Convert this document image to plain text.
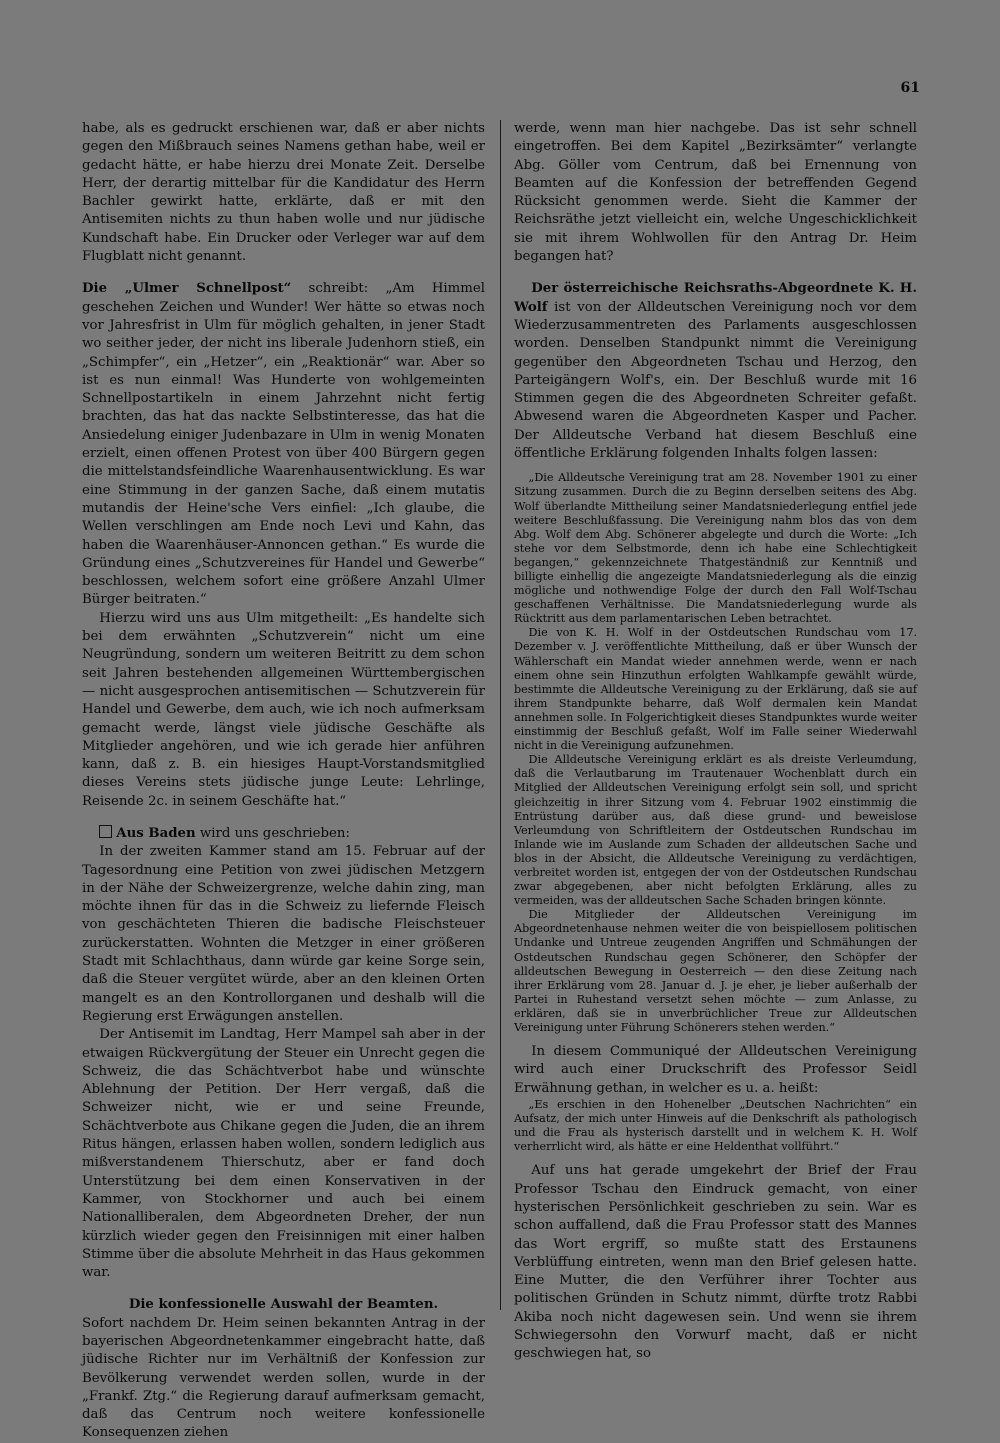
61

habe, als es gedruckt erschienen war, daß er aber nichts gegen den Mißbrauch seines Namens gethan habe, weil er gedacht hätte, er habe hierzu drei Monate Zeit. Derselbe Herr, der derartig mittelbar für die Kandidatur des Herrn Bachler gewirkt hatte, erklärte, daß er mit den Antisemiten nichts zu thun haben wolle und nur jüdische Kundschaft habe. Ein Drucker oder Verleger war auf dem Flugblatt nicht genannt.

Die „Ulmer Schnellpost“ schreibt: „Am Himmel geschehen Zeichen und Wunder! Wer hätte so etwas noch vor Jahresfrist in Ulm für möglich gehalten, in jener Stadt wo seither jeder, der nicht ins liberale Judenhorn stieß, ein „Schimpfer“, ein „Hetzer“, ein „Reaktionär“ war. Aber so ist es nun einmal! Was Hunderte von wohlgemeinten Schnellpostartikeln in einem Jahrzehnt nicht fertig brachten, das hat das nackte Selbstinteresse, das hat die Ansiedelung einiger Judenbazare in Ulm in wenig Monaten erzielt, einen offenen Protest von über 400 Bürgern gegen die mittelstandsfeindliche Waarenhausentwicklung. Es war eine Stimmung in der ganzen Sache, daß einem mutatis mutandis der Heine'sche Vers einfiel: „Ich glaube, die Wellen verschlingen am Ende noch Levi und Kahn, das haben die Waarenhäuser-Annoncen gethan.“ Es wurde die Gründung eines „Schutzvereines für Handel und Gewerbe“ beschlossen, welchem sofort eine größere Anzahl Ulmer Bürger beitraten.“

Hierzu wird uns aus Ulm mitgetheilt: „Es handelte sich bei dem erwähnten „Schutzverein“ nicht um eine Neugründung, sondern um weiteren Beitritt zu dem schon seit Jahren bestehenden allgemeinen Württembergischen — nicht ausgesprochen antisemitischen — Schutzverein für Handel und Gewerbe, dem auch, wie ich noch aufmerksam gemacht werde, längst viele jüdische Geschäfte als Mitglieder angehören, und wie ich gerade hier anführen kann, daß z. B. ein hiesiges Haupt-Vorstandsmitglied dieses Vereins stets jüdische junge Leute: Lehrlinge, Reisende 2c. in seinem Geschäfte hat.“

Aus Baden wird uns geschrieben:

In der zweiten Kammer stand am 15. Februar auf der Tagesordnung eine Petition von zwei jüdischen Metzgern in der Nähe der Schweizergrenze, welche dahin zing, man möchte ihnen für das in die Schweiz zu liefernde Fleisch von geschächteten Thieren die badische Fleischsteuer zurückerstatten. Wohnten die Metzger in einer größeren Stadt mit Schlachthaus, dann würde gar keine Sorge sein, daß die Steuer vergütet würde, aber an den kleinen Orten mangelt es an den Kontrollorganen und deshalb will die Regierung erst Erwägungen anstellen.

Der Antisemit im Landtag, Herr Mampel sah aber in der etwaigen Rückvergütung der Steuer ein Unrecht gegen die Schweiz, die das Schächtverbot habe und wünschte Ablehnung der Petition. Der Herr vergaß, daß die Schweizer nicht, wie er und seine Freunde, Schächtverbote aus Chikane gegen die Juden, die an ihrem Ritus hängen, erlassen haben wollen, sondern lediglich aus mißverstandenem Thierschutz, aber er fand doch Unterstützung bei dem einen Konservativen in der Kammer, von Stockhorner und auch bei einem Nationalliberalen, dem Abgeordneten Dreher, der nun kürzlich wieder gegen den Freisinnigen mit einer halben Stimme über die absolute Mehrheit in das Haus gekommen war.

Die konfessionelle Auswahl der Beamten.

Sofort nachdem Dr. Heim seinen bekannten Antrag in der bayerischen Abgeordnetenkammer eingebracht hatte, daß jüdische Richter nur im Verhältniß der Konfession zur Bevölkerung verwendet werden sollen, wurde in der „Frankf. Ztg.“ die Regierung darauf aufmerksam gemacht, daß das Centrum noch weitere konfessionelle Konsequenzen ziehen

werde, wenn man hier nachgebe. Das ist sehr schnell eingetroffen. Bei dem Kapitel „Bezirksämter“ verlangte Abg. Göller vom Centrum, daß bei Ernennung von Beamten auf die Konfession der betreffenden Gegend Rücksicht genommen werde. Sieht die Kammer der Reichsräthe jetzt vielleicht ein, welche Ungeschicklichkeit sie mit ihrem Wohlwollen für den Antrag Dr. Heim begangen hat?

Der österreichische Reichsraths-Abgeordnete K. H. Wolf ist von der Alldeutschen Vereinigung noch vor dem Wiederzusammentreten des Parlaments ausgeschlossen worden. Denselben Standpunkt nimmt die Vereinigung gegenüber den Abgeordneten Tschau und Herzog, den Parteigängern Wolf's, ein. Der Beschluß wurde mit 16 Stimmen gegen die des Abgeordneten Schreiter gefaßt. Abwesend waren die Abgeordneten Kasper und Pacher. Der Alldeutsche Verband hat diesem Beschluß eine öffentliche Erklärung folgenden Inhalts folgen lassen:

„Die Alldeutsche Vereinigung trat am 28. November 1901 zu einer Sitzung zusammen. Durch die zu Beginn derselben seitens des Abg. Wolf überlandte Mittheilung seiner Mandatsniederlegung entfiel jede weitere Beschlußfassung. Die Vereinigung nahm blos das von dem Abg. Wolf dem Abg. Schönerer abgelegte und durch die Worte: „Ich stehe vor dem Selbstmorde, denn ich habe eine Schlechtigkeit begangen,“ gekennzeichnete Thatgeständniß zur Kenntniß und billigte einhellig die angezeigte Mandatsniederlegung als die einzig mögliche und nothwendige Folge der durch den Fall Wolf-Tschau geschaffenen Verhältnisse. Die Mandatsniederlegung wurde als Rücktritt aus dem parlamentarischen Leben betrachtet.

Die von K. H. Wolf in der Ostdeutschen Rundschau vom 17. Dezember v. J. veröffentlichte Mittheilung, daß er über Wunsch der Wählerschaft ein Mandat wieder annehmen werde, wenn er nach einem ohne sein Hinzuthun erfolgten Wahlkampfe gewählt würde, bestimmte die Alldeutsche Vereinigung zu der Erklärung, daß sie auf ihrem Standpunkte beharre, daß Wolf dermalen kein Mandat annehmen solle. In Folgerichtigkeit dieses Standpunktes wurde weiter einstimmig der Beschluß gefaßt, Wolf im Falle seiner Wiederwahl nicht in die Vereinigung aufzunehmen.

Die Alldeutsche Vereinigung erklärt es als dreiste Verleumdung, daß die Verlautbarung im Trautenauer Wochenblatt durch ein Mitglied der Alldeutschen Vereinigung erfolgt sein soll, und spricht gleichzeitig in ihrer Sitzung vom 4. Februar 1902 einstimmig die Entrüstung darüber aus, daß diese grund- und beweislose Verleumdung von Schriftleitern der Ostdeutschen Rundschau im Inlande wie im Auslande zum Schaden der alldeutschen Sache und blos in der Absicht, die Alldeutsche Vereinigung zu verdächtigen, verbreitet worden ist, entgegen der von der Ostdeutschen Rundschau zwar abgegebenen, aber nicht befolgten Erklärung, alles zu vermeiden, was der alldeutschen Sache Schaden bringen könnte.

Die Mitglieder der Alldeutschen Vereinigung im Abgeordnetenhause nehmen weiter die von beispiellosem politischen Undanke und Untreue zeugenden Angriffen und Schmähungen der Ostdeutschen Rundschau gegen Schönerer, den Schöpfer der alldeutschen Bewegung in Oesterreich — den diese Zeitung nach ihrer Erklärung vom 28. Januar d. J. je eher, je lieber außerhalb der Partei in Ruhestand versetzt sehen möchte — zum Anlasse, zu erklären, daß sie in unverbrüchlicher Treue zur Alldeutschen Vereinigung unter Führung Schönerers stehen werden.“

In diesem Communiqué der Alldeutschen Vereinigung wird auch einer Druckschrift des Professor Seidl Erwähnung gethan, in welcher es u. a. heißt:

„Es erschien in den Hohenelber „Deutschen Nachrichten“ ein Aufsatz, der mich unter Hinweis auf die Denkschrift als pathologisch und die Frau als hysterisch darstellt und in welchem K. H. Wolf verherrlicht wird, als hätte er eine Heldenthat vollführt.“

Auf uns hat gerade umgekehrt der Brief der Frau Professor Tschau den Eindruck gemacht, von einer hysterischen Persönlichkeit geschrieben zu sein. War es schon auffallend, daß die Frau Professor statt des Mannes das Wort ergriff, so mußte statt des Erstaunens Verblüffung eintreten, wenn man den Brief gelesen hatte. Eine Mutter, die den Verführer ihrer Tochter aus politischen Gründen in Schutz nimmt, dürfte trotz Rabbi Akiba noch nicht dagewesen sein. Und wenn sie ihrem Schwiegersohn den Vorwurf macht, daß er nicht geschwiegen hat, so
